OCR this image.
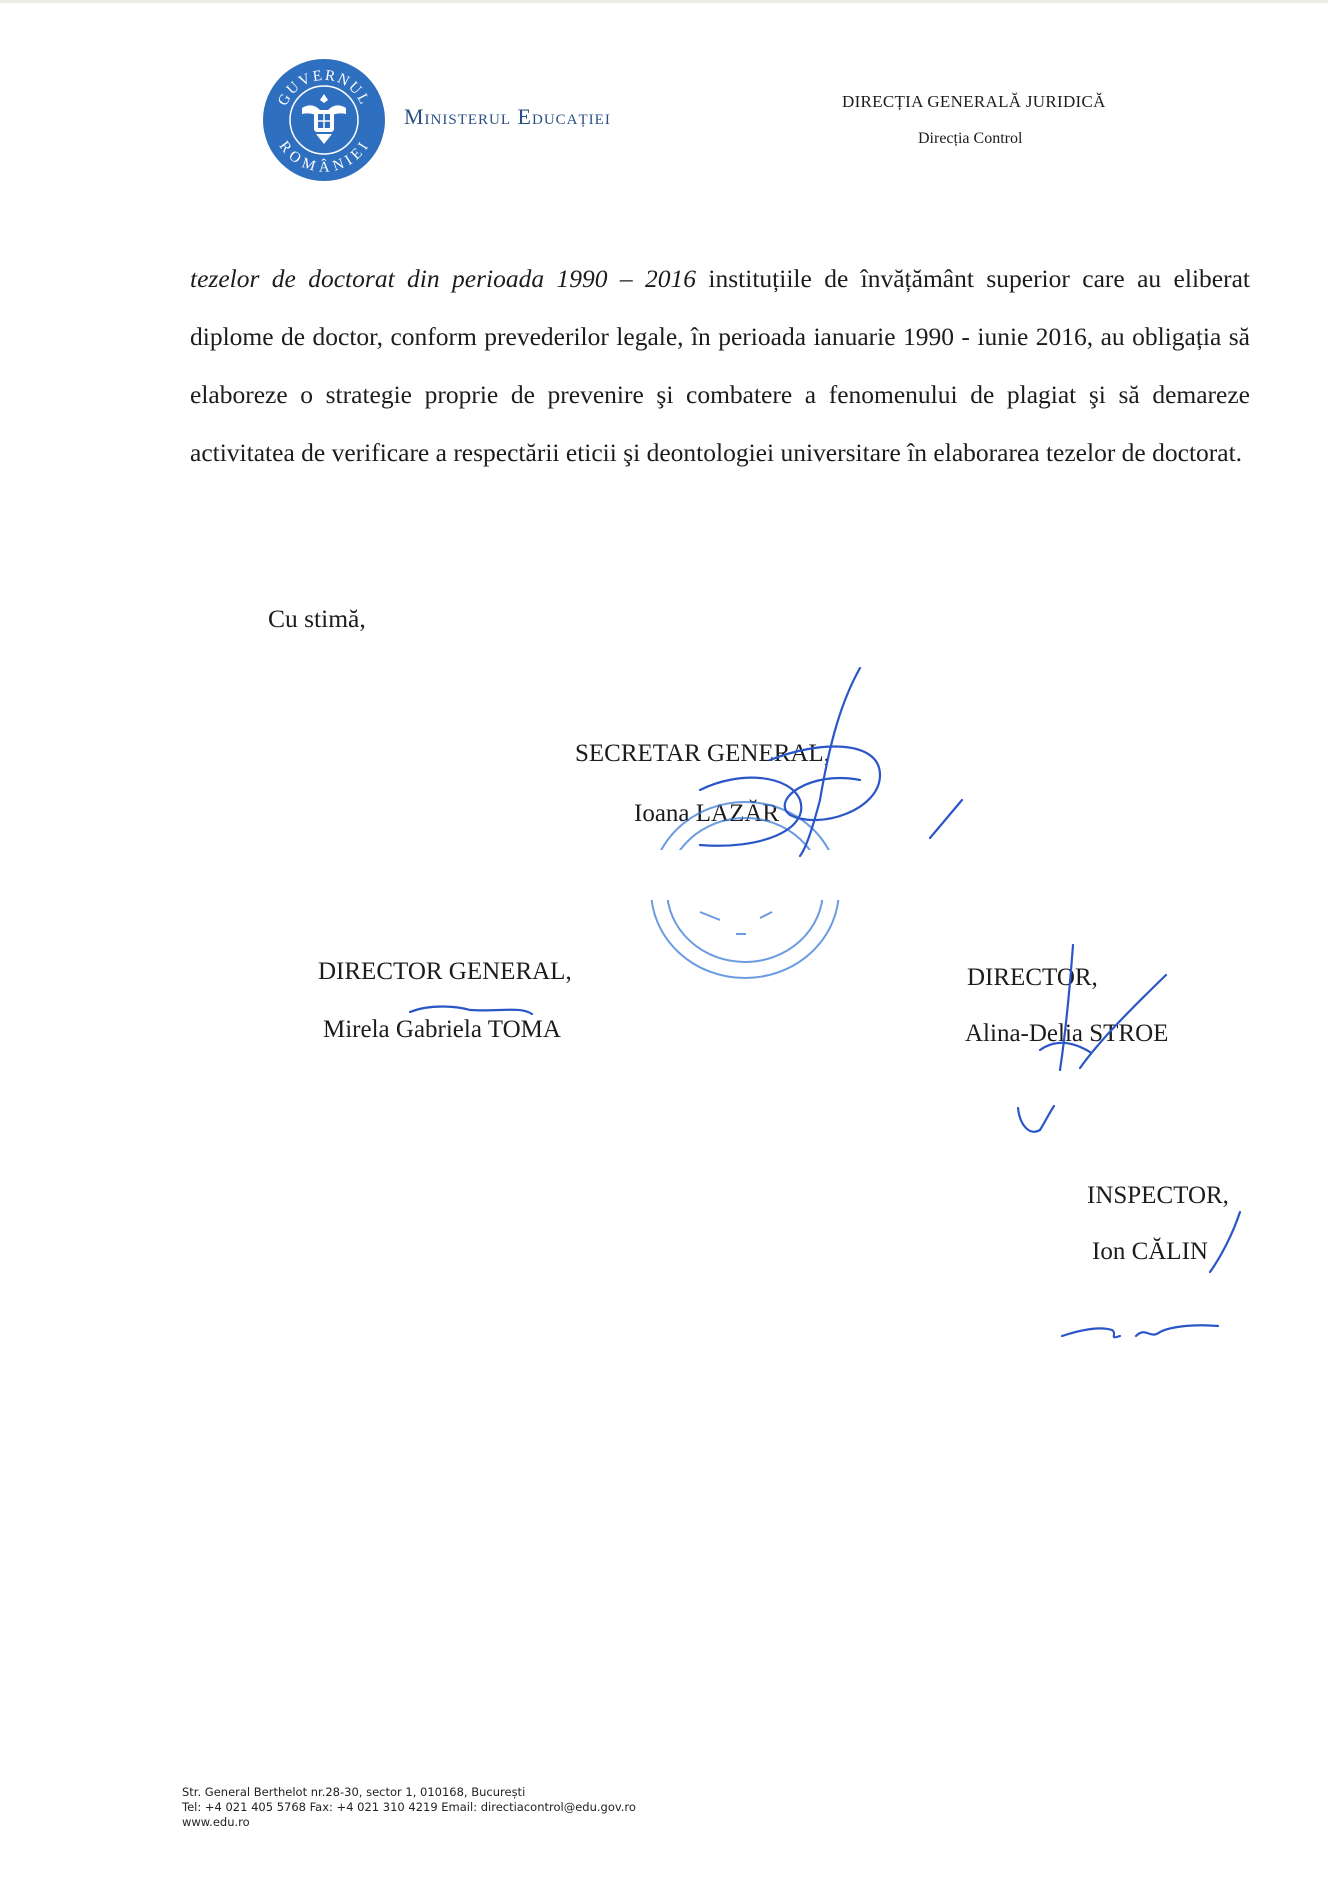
GUVERNUL
ROMÂNIEI
Ministerul Educației
DIRECȚIA GENERALĂ JURIDICĂ
Direcția Control
tezelor de doctorat din perioada 1990 – 2016 instituțiile de învățământ superior care au eliberat diplome de doctor, conform prevederilor legale, în perioada ianuarie 1990 - iunie 2016, au obligația să elaboreze o strategie proprie de prevenire şi combatere a fenomenului de plagiat şi să demareze activitatea de verificare a respectării eticii şi deontologiei universitare în elaborarea tezelor de doctorat.
Cu stimă,
SECRETAR GENERAL,
Ioana LAZĂR
DIRECTOR GENERAL,
Mirela Gabriela TOMA
DIRECTOR,
Alina-Delia STROE
INSPECTOR,
Ion CĂLIN
Str. General Berthelot nr.28-30, sector 1, 010168, București
Tel: +4 021 405 5768 Fax: +4 021 310 4219 Email: directiacontrol@edu.gov.ro
www.edu.ro
